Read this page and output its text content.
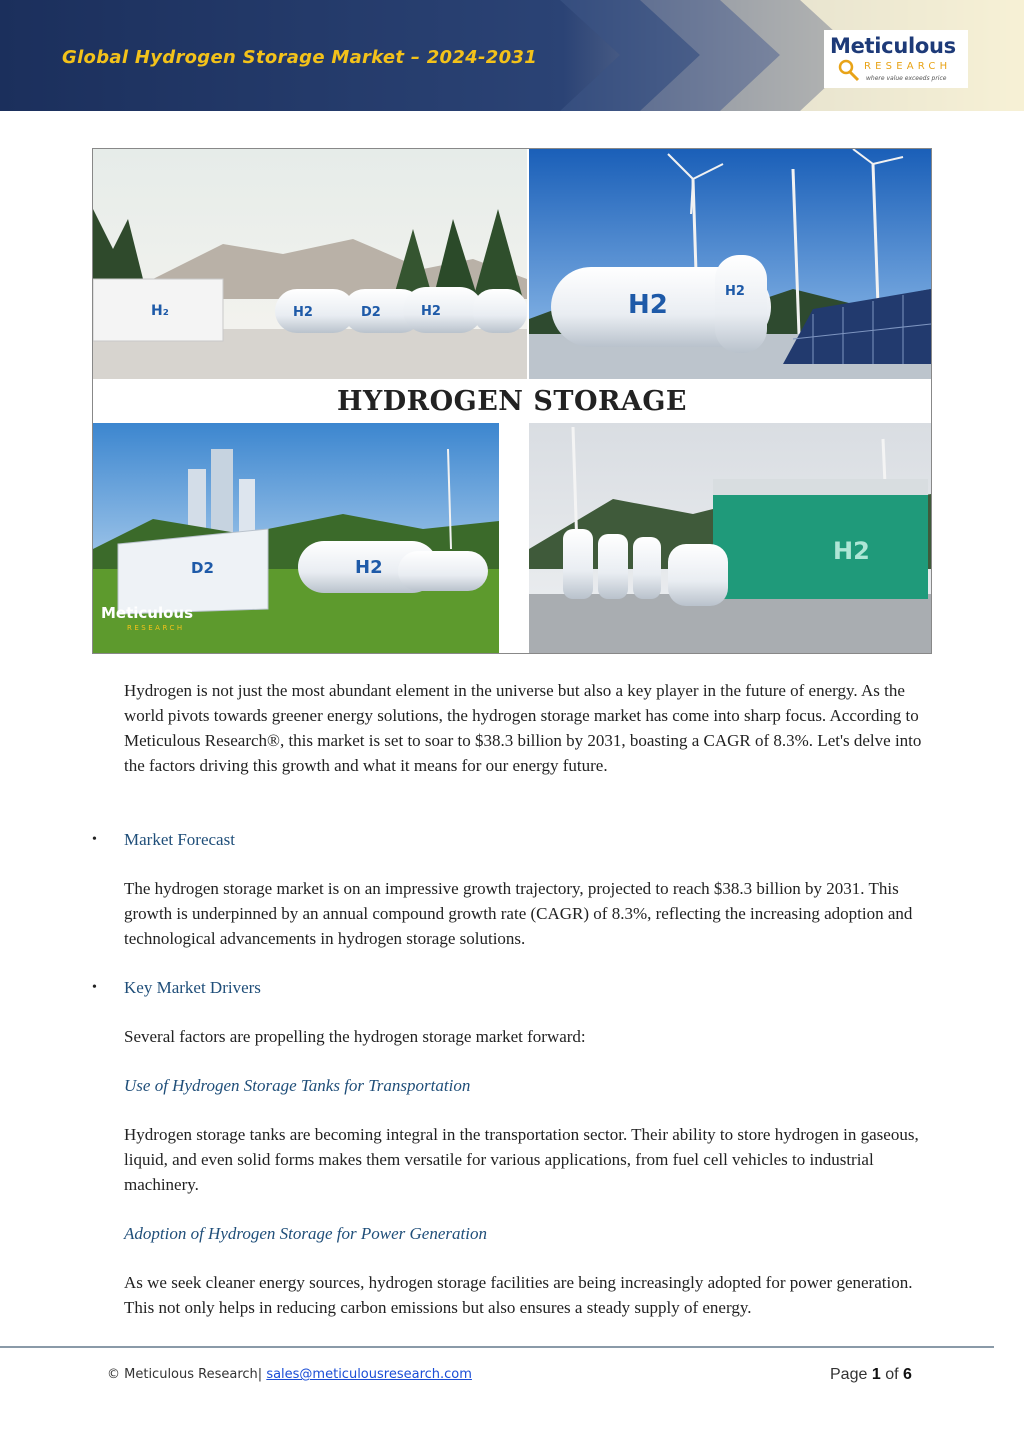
Global Hydrogen Storage Market – 2024-2031	Meticulous
RESEARCH
where value exceeds price
H₂	D2	H2	H2	H2
D2	H2
H2
H2
HYDROGEN STORAGE
Meticulous
RESEARCH
Hydrogen is not just the most abundant element in the universe but also a key player in the future of energy. As the world pivots towards greener energy solutions, the hydrogen storage market has come into sharp focus. According to Meticulous Research®, this market is set to soar to $38.3 billion by 2031, boasting a CAGR of 8.3%. Let's delve into the factors driving this growth and what it means for our energy future.
• Market Forecast
The hydrogen storage market is on an impressive growth trajectory, projected to reach $38.3 billion by 2031. This growth is underpinned by an annual compound growth rate (CAGR) of 8.3%, reflecting the increasing adoption and technological advancements in hydrogen storage solutions.
• Key Market Drivers
Several factors are propelling the hydrogen storage market forward:
Use of Hydrogen Storage Tanks for Transportation
Hydrogen storage tanks are becoming integral in the transportation sector. Their ability to store hydrogen in gaseous, liquid, and even solid forms makes them versatile for various applications, from fuel cell vehicles to industrial machinery.
Adoption of Hydrogen Storage for Power Generation
As we seek cleaner energy sources, hydrogen storage facilities are being increasingly adopted for power generation. This not only helps in reducing carbon emissions but also ensures a steady supply of energy.
© Meticulous Research| sales@meticulousresearch.com	Page 1 of 6
